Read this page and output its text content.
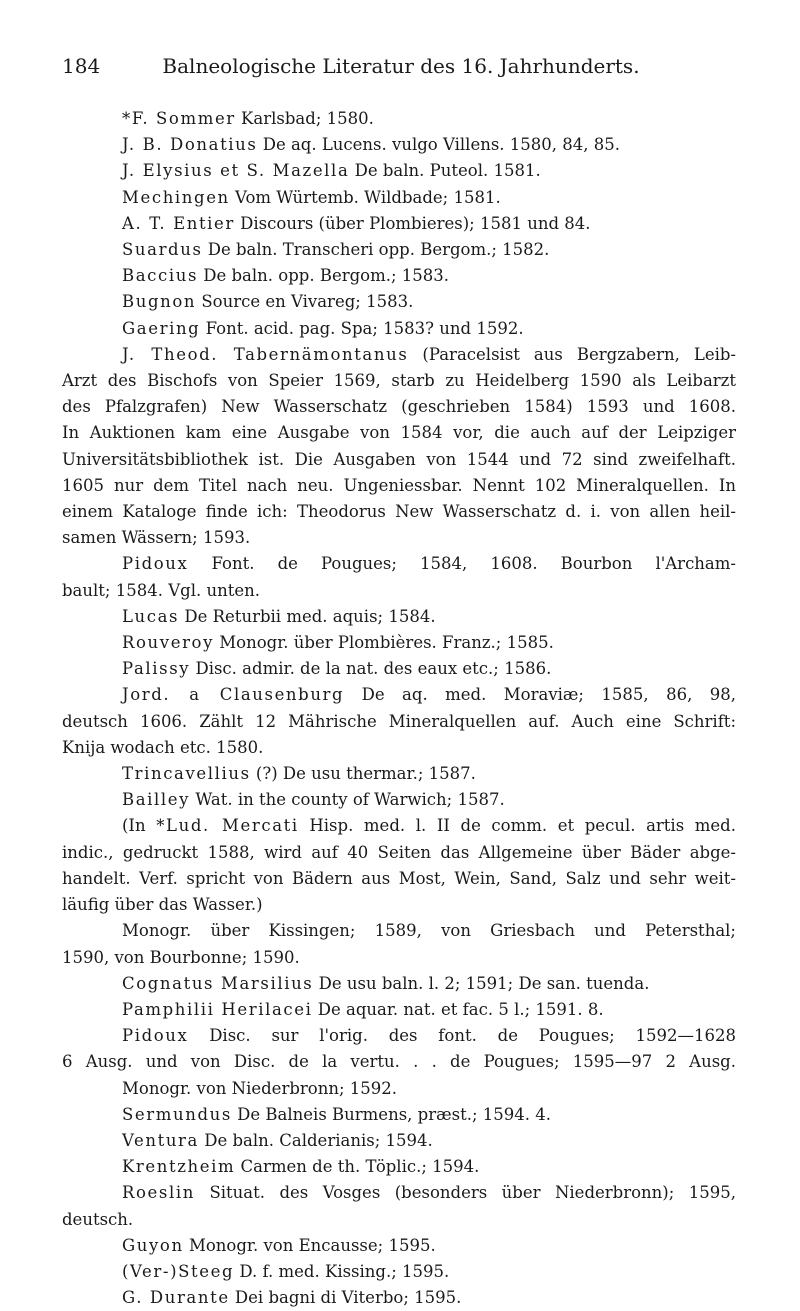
184	Balneologische Literatur des 16. Jahrhunderts.
*F. Sommer Karlsbad; 1580.
J. B. Donatius De aq. Lucens. vulgo Villens. 1580, 84, 85.
J. Elysius et S. Mazella De baln. Puteol. 1581.
Mechingen Vom Würtemb. Wildbade; 1581.
A. T. Entier Discours (über Plombieres); 1581 und 84.
Suardus De baln. Transcheri opp. Bergom.; 1582.
Baccius De baln. opp. Bergom.; 1583.
Bugnon Source en Vivareg; 1583.
Gaering Font. acid. pag. Spa; 1583? und 1592.
J. Theod. Tabernämontanus (Paracelsist aus Bergzabern, Leib-
Arzt des Bischofs von Speier 1569, starb zu Heidelberg 1590 als Leibarzt
des Pfalzgrafen) New Wasserschatz (geschrieben 1584) 1593 und 1608.
In Auktionen kam eine Ausgabe von 1584 vor, die auch auf der Leipziger
Universitätsbibliothek ist. Die Ausgaben von 1544 und 72 sind zweifelhaft.
1605 nur dem Titel nach neu. Ungeniessbar. Nennt 102 Mineralquellen. In
einem Kataloge finde ich: Theodorus New Wasserschatz d. i. von allen heil-
samen Wässern; 1593.
Pidoux Font. de Pougues; 1584, 1608. Bourbon l'Archam-
bault; 1584. Vgl. unten.
Lucas De Returbii med. aquis; 1584.
Rouveroy Monogr. über Plombières. Franz.; 1585.
Palissy Disc. admir. de la nat. des eaux etc.; 1586.
Jord. a Clausenburg De aq. med. Moraviæ; 1585, 86, 98,
deutsch 1606. Zählt 12 Mährische Mineralquellen auf. Auch eine Schrift:
Knija wodach etc. 1580.
Trincavellius (?) De usu thermar.; 1587.
Bailley Wat. in the county of Warwich; 1587.
(In *Lud. Mercati Hisp. med. l. II de comm. et pecul. artis med.
indic., gedruckt 1588, wird auf 40 Seiten das Allgemeine über Bäder abge-
handelt. Verf. spricht von Bädern aus Most, Wein, Sand, Salz und sehr weit-
läufig über das Wasser.)
Monogr. über Kissingen; 1589, von Griesbach und Petersthal;
1590, von Bourbonne; 1590.
Cognatus Marsilius De usu baln. l. 2; 1591; De san. tuenda.
Pamphilii Herilacei De aquar. nat. et fac. 5 l.; 1591. 8.
Pidoux Disc. sur l'orig. des font. de Pougues; 1592—1628
6 Ausg. und von Disc. de la vertu. . . de Pougues; 1595—97 2 Ausg.
Monogr. von Niederbronn; 1592.
Sermundus De Balneis Burmens, præst.; 1594. 4.
Ventura De baln. Calderianis; 1594.
Krentzheim Carmen de th. Töplic.; 1594.
Roeslin Situat. des Vosges (besonders über Niederbronn); 1595,
deutsch.
Guyon Monogr. von Encausse; 1595.
(Ver-)Steeg D. f. med. Kissing.; 1595.
G. Durante Dei bagni di Viterbo; 1595.
